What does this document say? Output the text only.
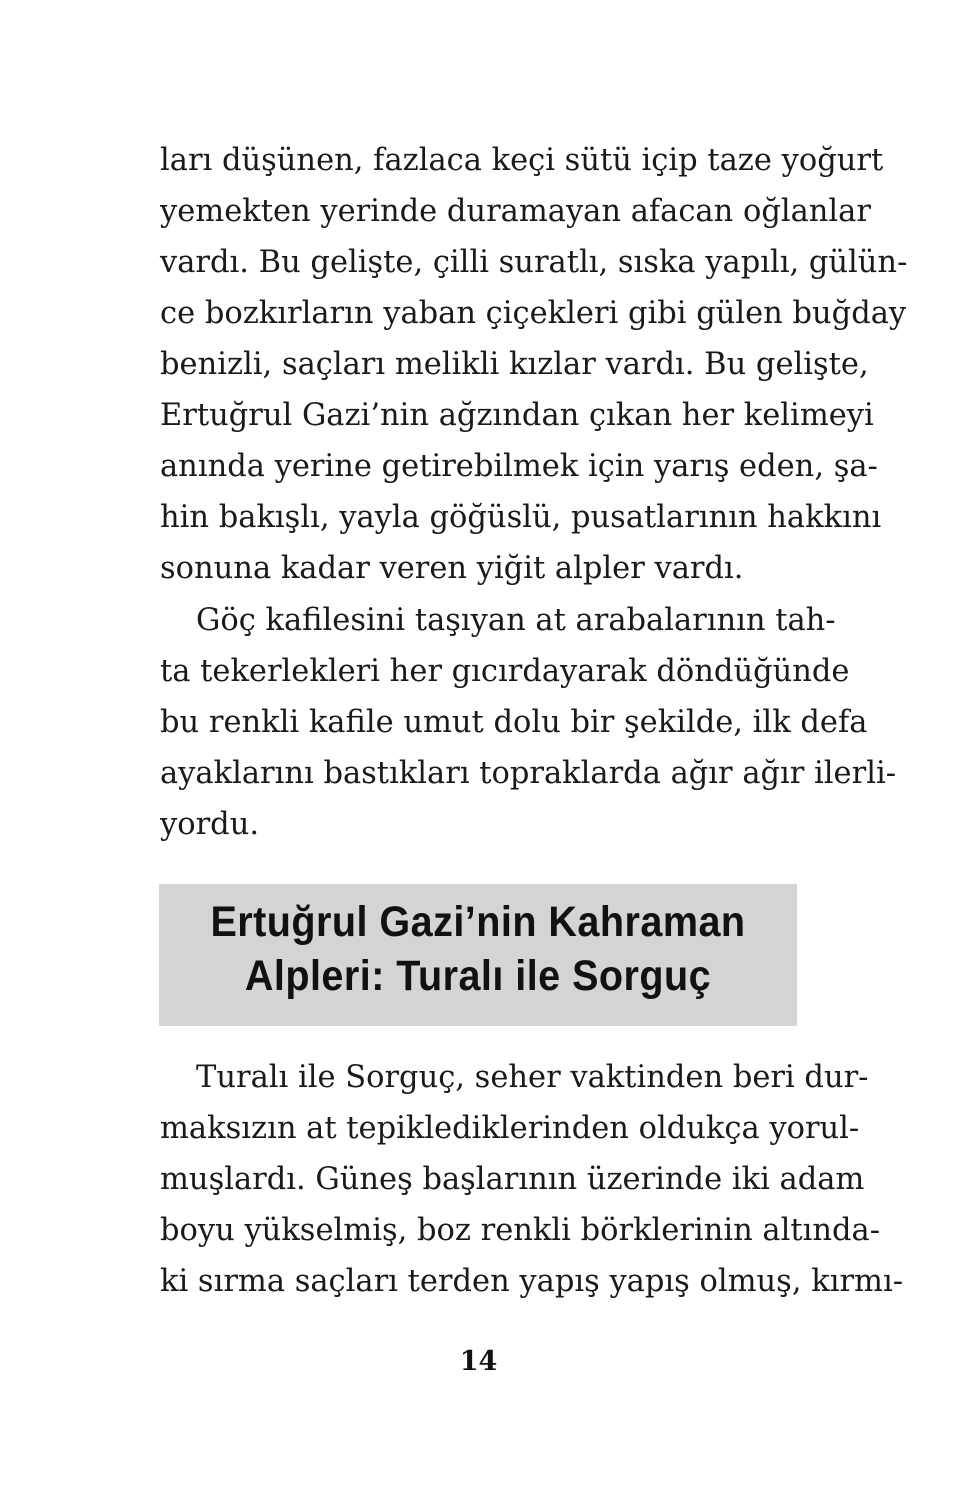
ları düşünen, fazlaca keçi sütü içip taze yoğurt
yemekten yerinde duramayan afacan oğlanlar
vardı. Bu gelişte, çilli suratlı, sıska yapılı, gülün-
ce bozkırların yaban çiçekleri gibi gülen buğday
benizli, saçları melikli kızlar vardı. Bu gelişte,
Ertuğrul Gazi’nin ağzından çıkan her kelimeyi
anında yerine getirebilmek için yarış eden, şa-
hin bakışlı, yayla göğüslü, pusatlarının hakkını
sonuna kadar veren yiğit alpler vardı.
Göç kafilesini taşıyan at arabalarının tah-
ta tekerlekleri her gıcırdayarak döndüğünde
bu renkli kafile umut dolu bir şekilde, ilk defa
ayaklarını bastıkları topraklarda ağır ağır ilerli-
yordu.
Ertuğrul Gazi’nin Kahraman
Alpleri: Turalı ile Sorguç
Turalı ile Sorguç, seher vaktinden beri dur-
maksızın at tepiklediklerinden oldukça yorul-
muşlardı. Güneş başlarının üzerinde iki adam
boyu yükselmiş, boz renkli börklerinin altında-
ki sırma saçları terden yapış yapış olmuş, kırmı-
14
